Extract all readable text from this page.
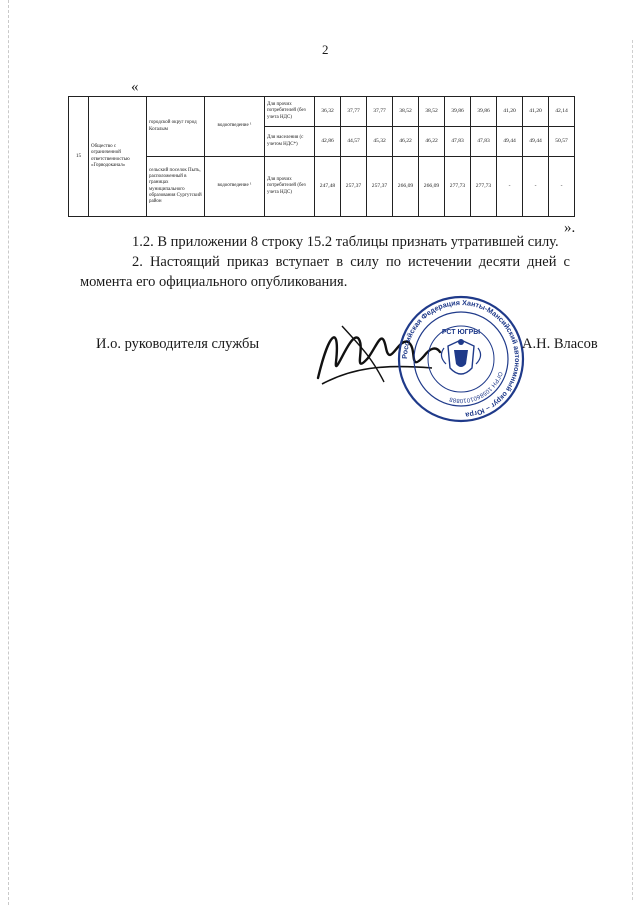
2
«
15	Общество с ограниченной ответственностью «Горводоканал»	городской округ город Когалым	водоотведение ¹	Для прочих потребителей (без учета НДС)	36,32	37,77	37,77	38,52	38,52	39,86	39,86	41,20	41,20	42,14
				Для населения (с учетом НДС*)	42,86	44,57	45,32	46,22	46,22	47,83	47,83	49,44	49,44	50,57
		сельский поселок Пыть, расположенный в границах муниципального образования Сургутский район	водоотведение ¹	Для прочих потребителей (без учета НДС)	247,48	257,37	257,37	266,09	266,09	277,73	277,73	-	-	-
».
1.2. В приложении 8 строку 15.2 таблицы признать утратившей силу.
2. Настоящий приказ вступает в силу по истечении десяти дней с момента его официального опубликования.
И.о. руководителя службы
Российская Федерация Ханты-Мансийский автономный округ – Югра
ОГРН 1058601010888
РСТ ЮГРЫ
А.Н. Власов
